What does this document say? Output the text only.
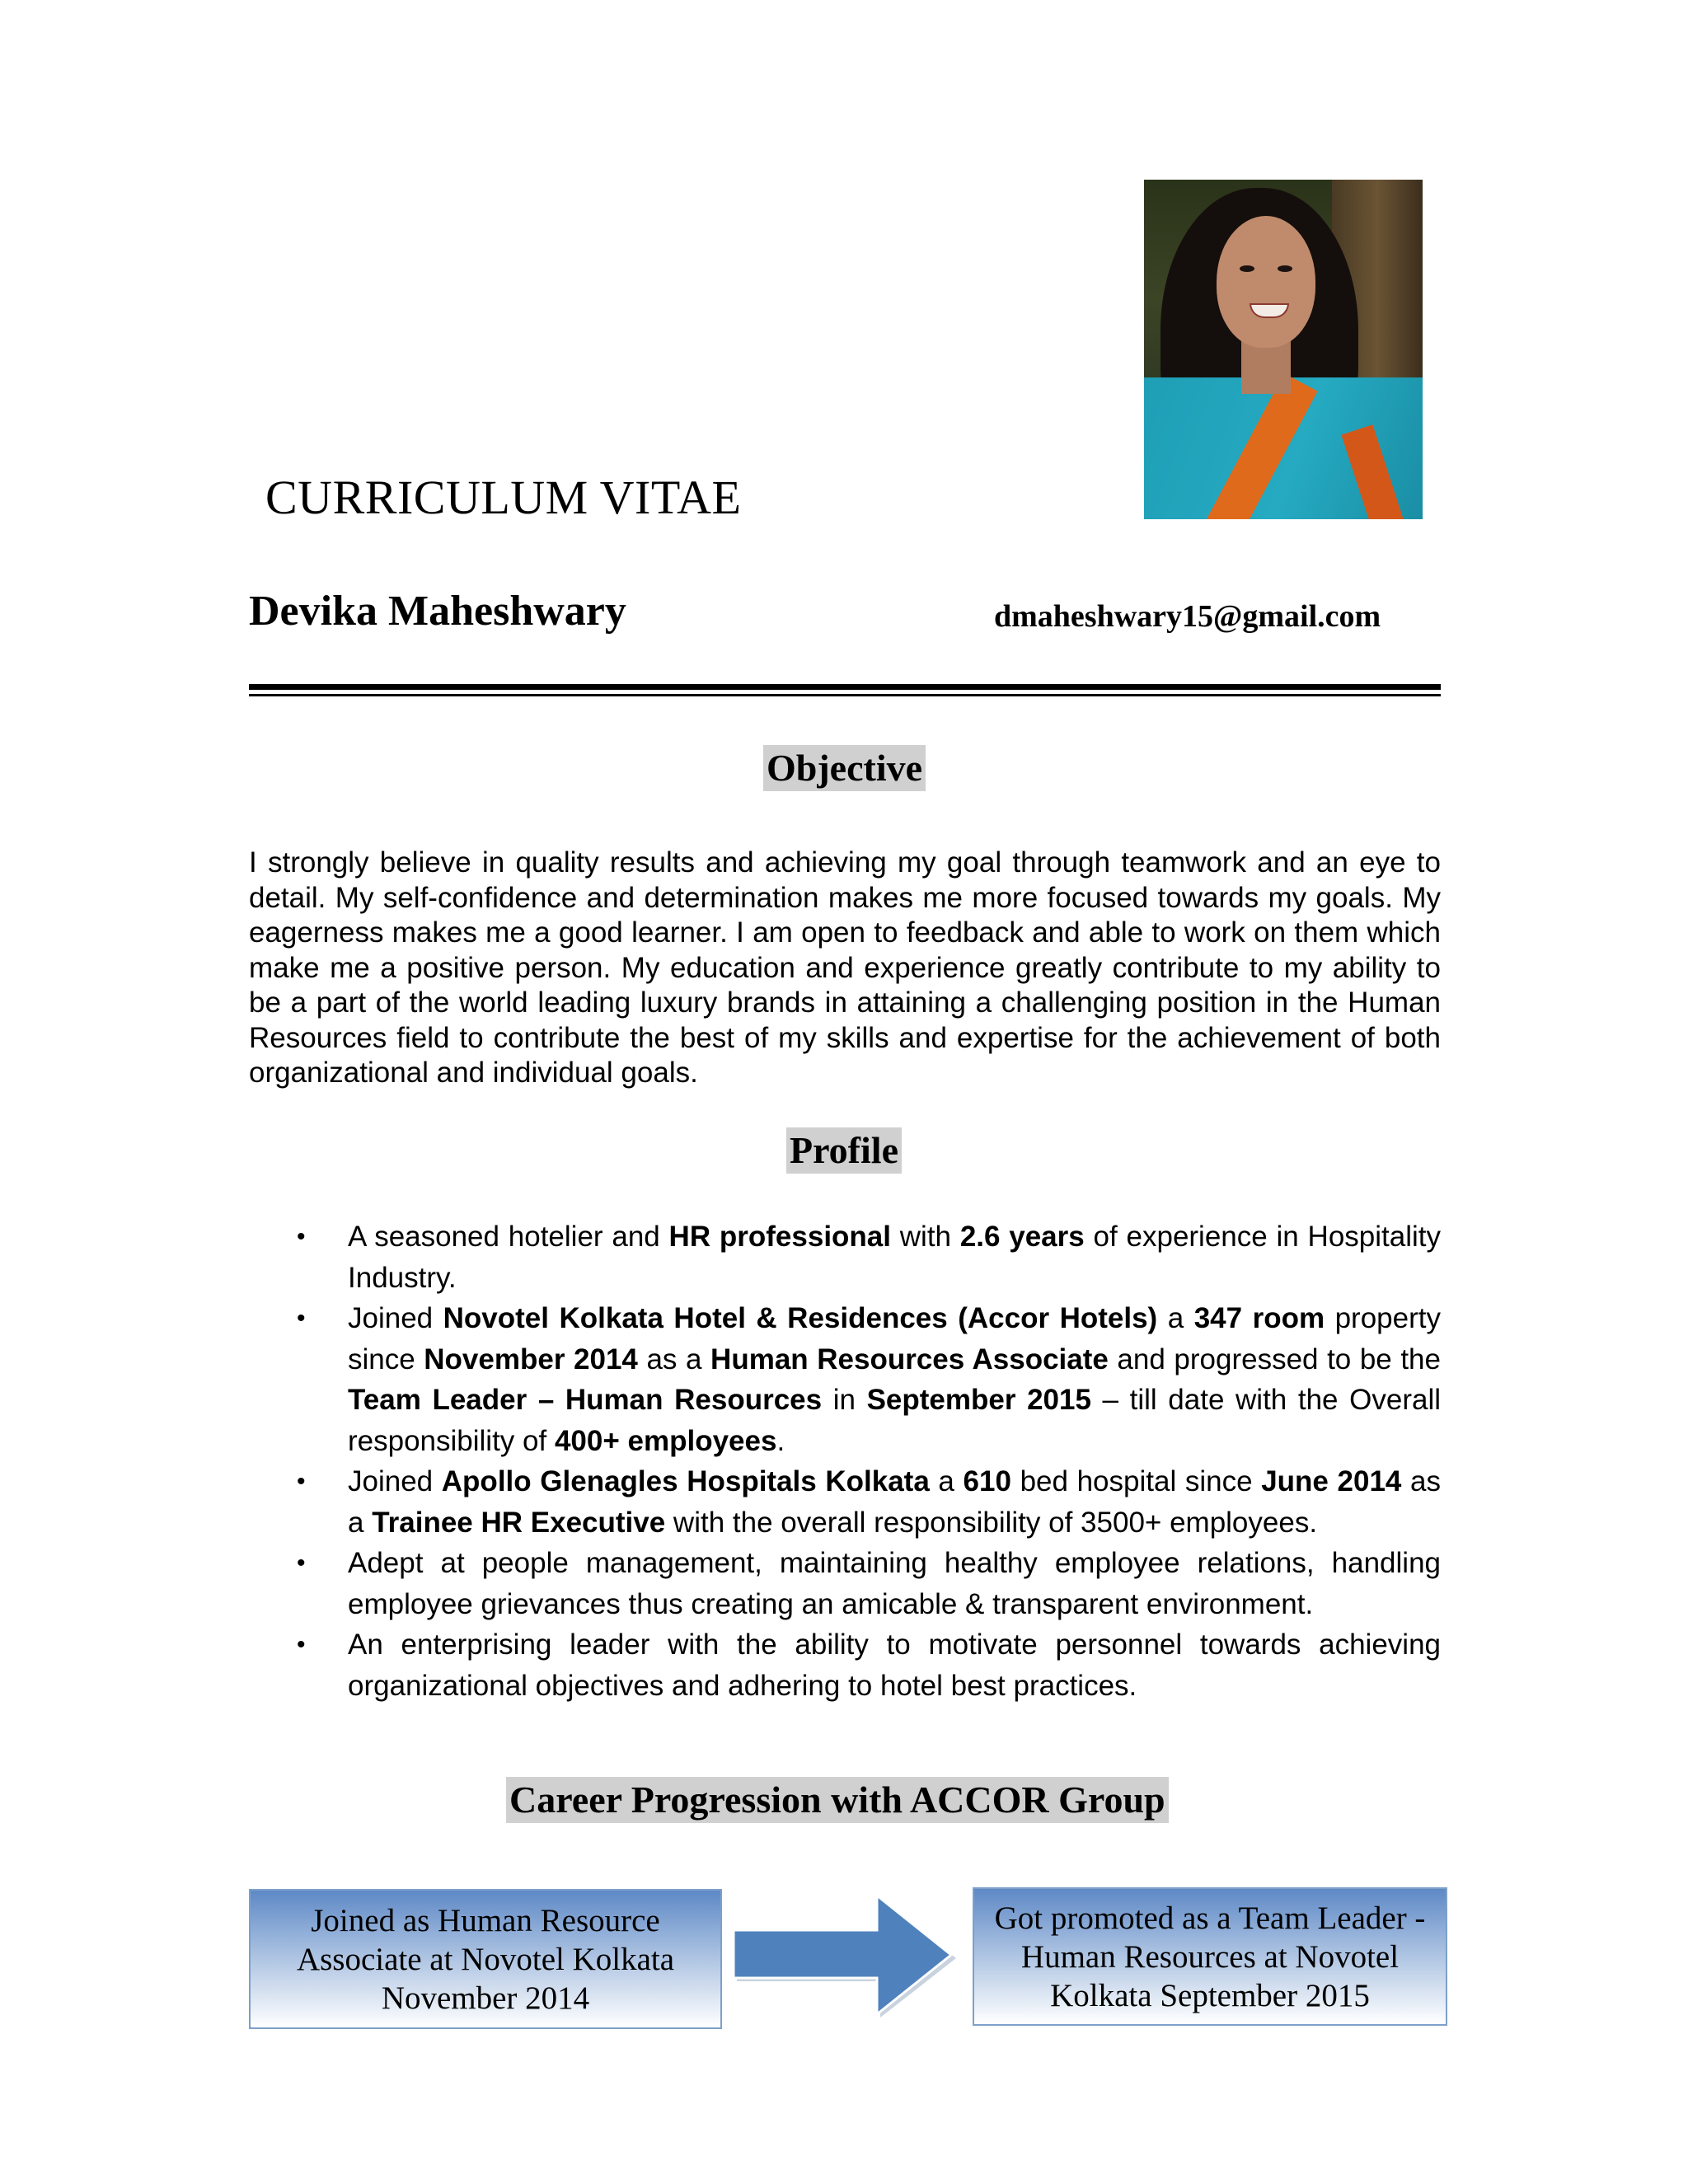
CURRICULUM VITAE
Devika Maheshwary	dmaheshwary15@gmail.com
Objective
I strongly believe in quality results and achieving my goal through teamwork and an eye to detail. My self-confidence and determination makes me more focused towards my goals. My eagerness makes me a good learner. I am open to feedback and able to work on them which make me a positive person. My education and experience greatly contribute to my ability to be a part of the world leading luxury brands in attaining a challenging position in the Human Resources field to contribute the best of my skills and expertise for the achievement of both organizational and individual goals.
Profile
• A seasoned hotelier and HR professional with 2.6 years of experience in Hospitality Industry.
• Joined Novotel Kolkata Hotel & Residences (Accor Hotels) a 347 room property since November 2014 as a Human Resources Associate and progressed to be the Team Leader – Human Resources in September 2015 – till date with the Overall responsibility of 400+ employees.
• Joined Apollo Glenagles Hospitals Kolkata a 610 bed hospital since June 2014 as a Trainee HR Executive with the overall responsibility of 3500+ employees.
• Adept at people management, maintaining healthy employee relations, handling employee grievances thus creating an amicable & transparent environment.
• An enterprising leader with the ability to motivate personnel towards achieving organizational objectives and adhering to hotel best practices.
Career Progression with ACCOR Group
Joined as Human Resource Associate at Novotel Kolkata November 2014
Got promoted as a Team Leader - Human Resources at Novotel Kolkata September 2015
